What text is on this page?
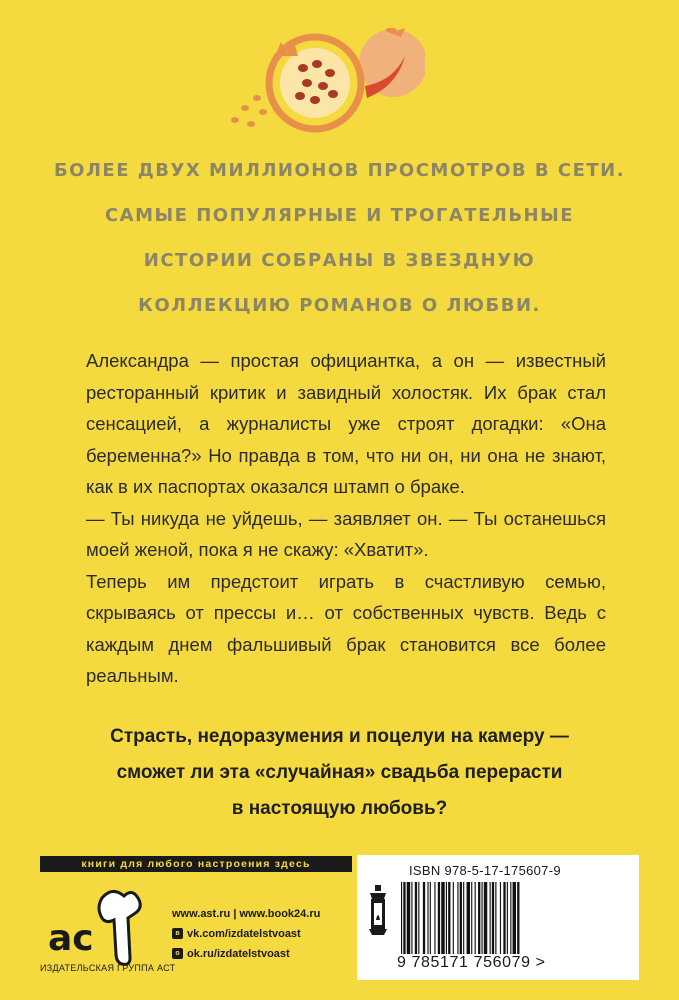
БОЛЕЕ ДВУХ МИЛЛИОНОВ ПРОСМОТРОВ В СЕТИ.
САМЫЕ ПОПУЛЯРНЫЕ И ТРОГАТЕЛЬНЫЕ
ИСТОРИИ СОБРАНЫ В ЗВЕЗДНУЮ
КОЛЛЕКЦИЮ РОМАНОВ О ЛЮБВИ.

Александра — простая официантка, а он — известный ресторанный критик и завидный холостяк. Их брак стал сенсацией, а журналисты уже строят догадки: «Она беременна?» Но правда в том, что ни он, ни она не знают, как в их паспортах оказался штамп о браке.

— Ты никуда не уйдешь, — заявляет он. — Ты останешься моей женой, пока я не скажу: «Хватит».

Теперь им предстоит играть в счастливую семью, скрываясь от прессы и… от собственных чувств. Ведь с каждым днем фальшивый брак становится все более реальным.

Страсть, недоразумения и поцелуи на камеру —
сможет ли эта «случайная» свадьба перерасти
в настоящую любовь?
книги для любого настроения здесь
ac
ИЗДАТЕЛЬСКАЯ ГРУППА АСТ
www.ast.ru | www.book24.ru
в vk.com/izdatelstvoast
о ok.ru/izdatelstvoast
ISBN 978-5-17-175607-9
9 785171 756079 >
